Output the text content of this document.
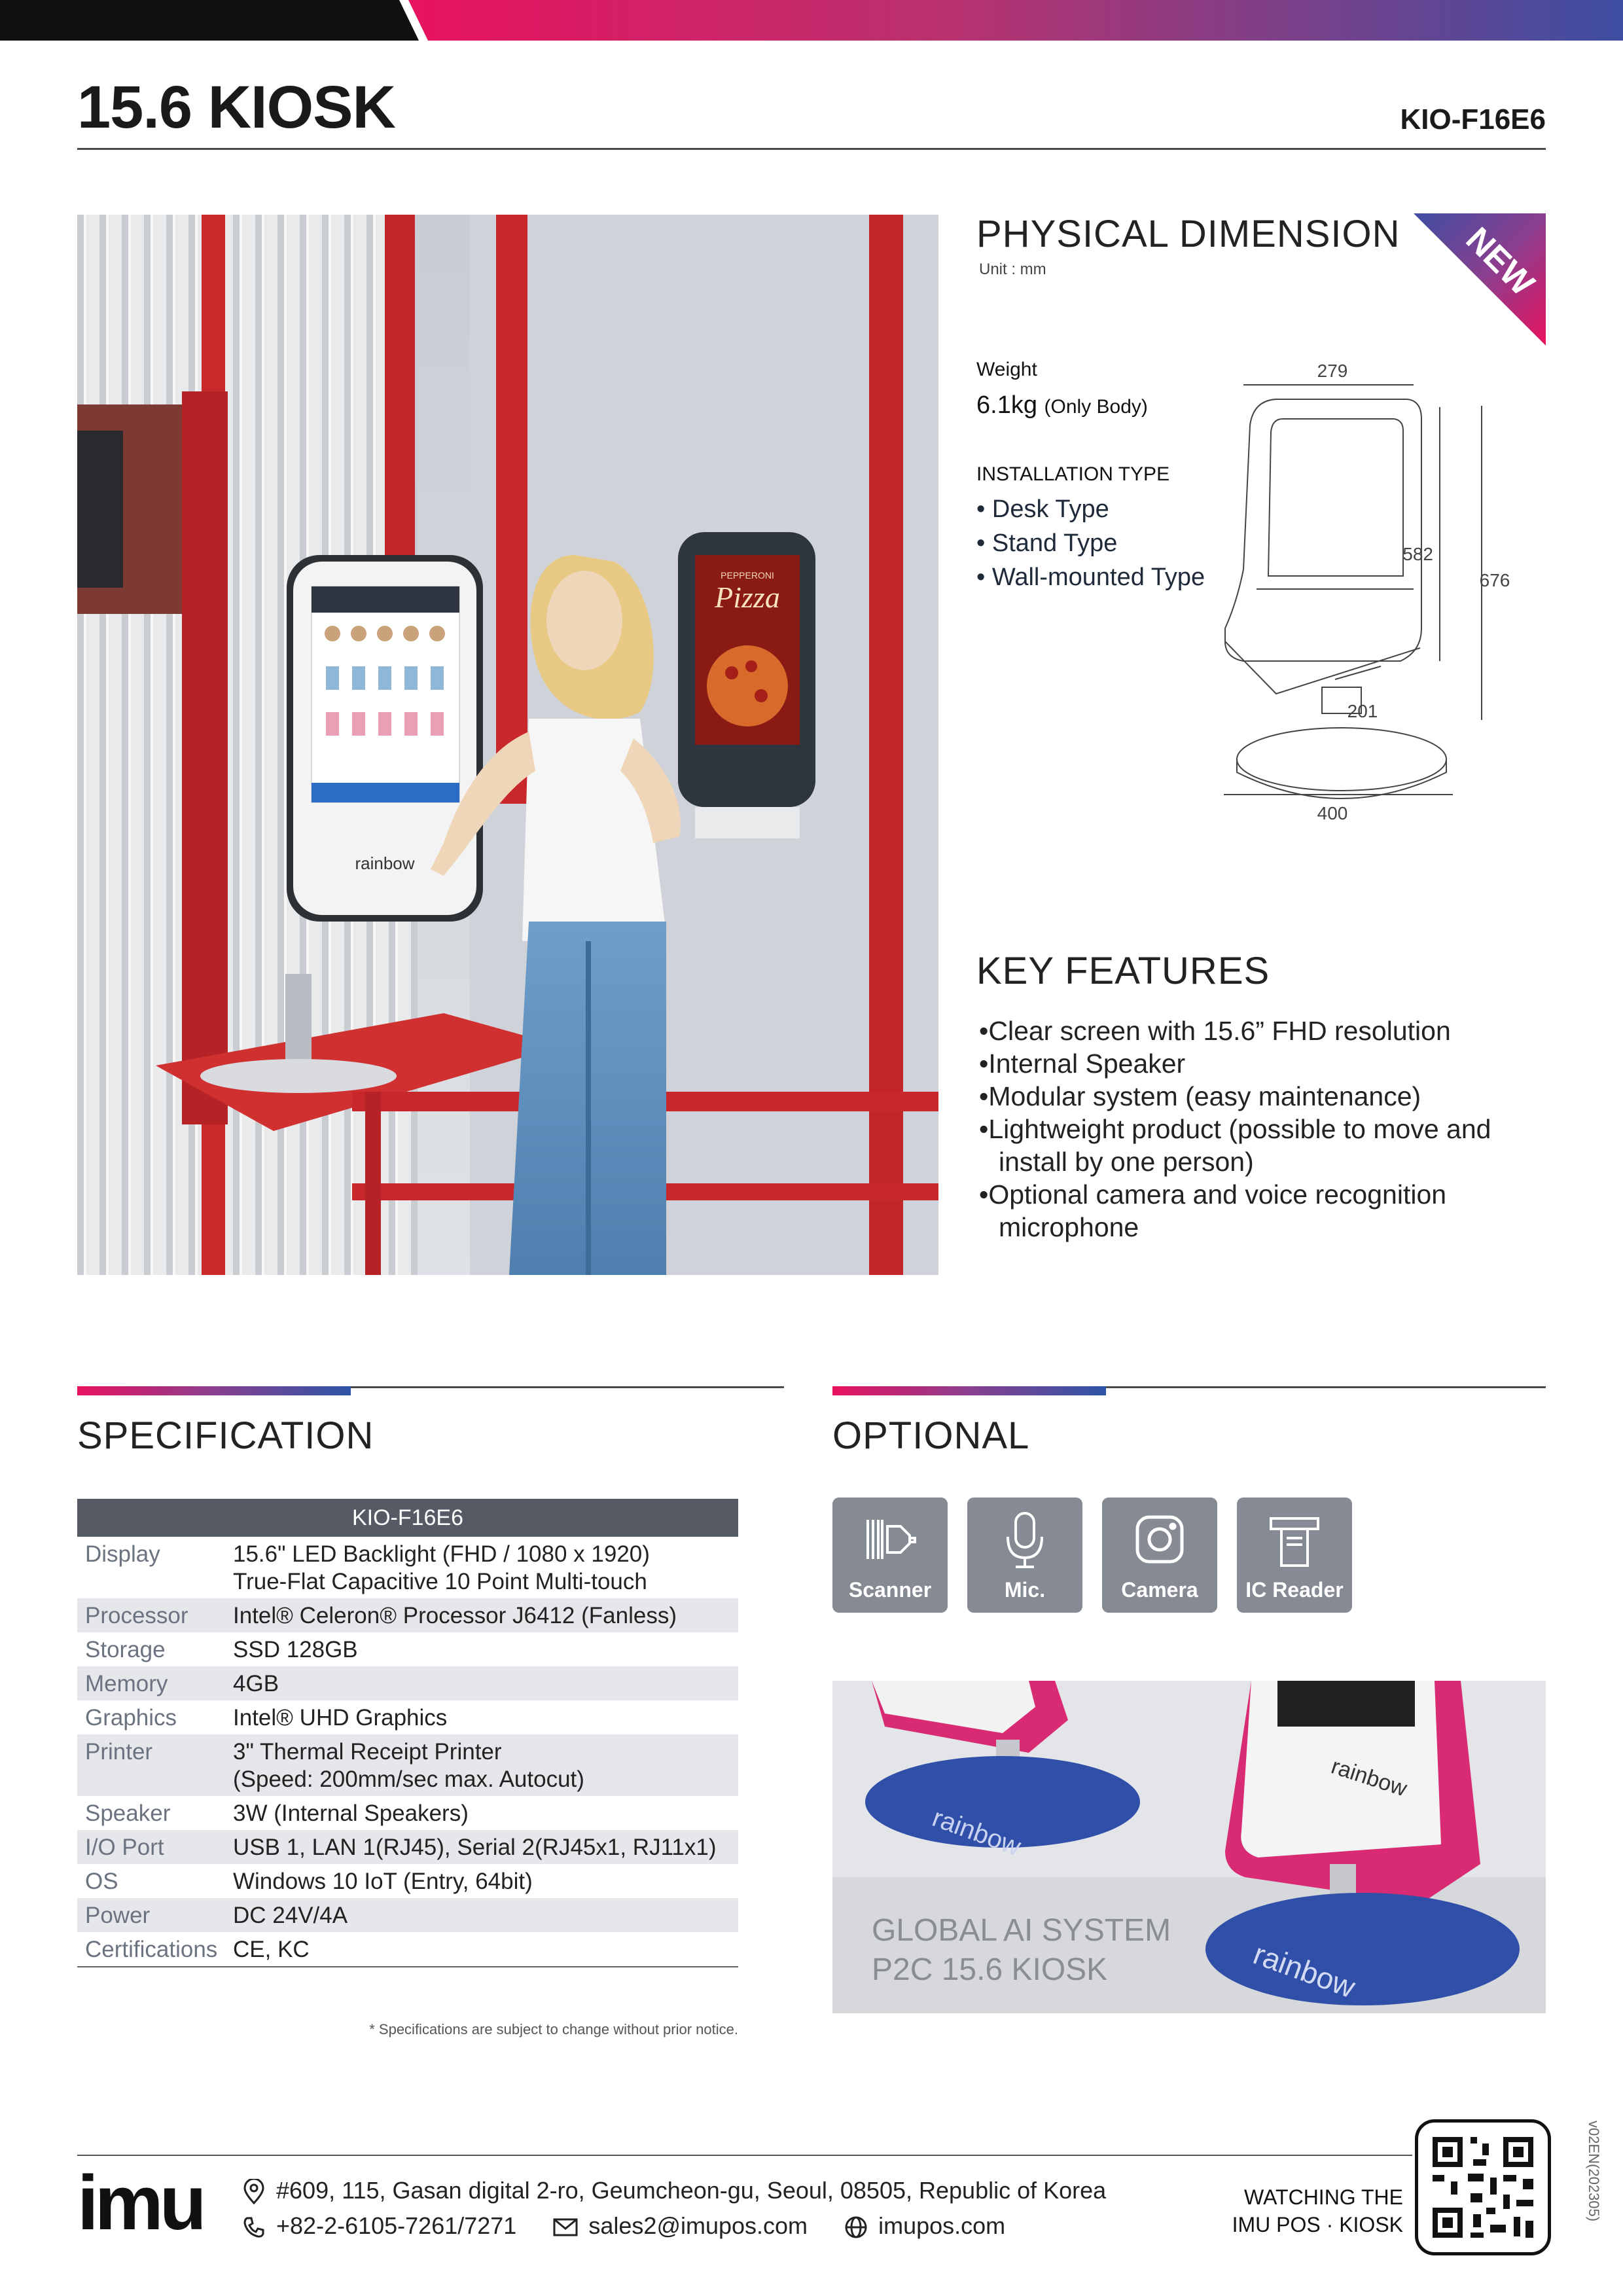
15.6 KIOSK	KIO-F16E6
rainbow
PEPPERONI
Pizza
PHYSICAL DIMENSION
Unit : mm	NEW
Weight
6.1kg (Only Body)
INSTALLATION TYPE
• Desk Type
• Stand Type
• Wall-mounted Type
279
582
676
201
400
KEY FEATURES
• Clear screen with 15.6” FHD resolution
• Internal Speaker
• Modular system (easy maintenance)
• Lightweight product (possible to move and install by one person)
• Optional camera and voice recognition microphone
SPECIFICATION	OPTIONAL
KIO-F16E6	
Display	15.6" LED Backlight (FHD / 1080 x 1920)
True-Flat Capacitive 10 Point Multi-touch

Processor	Intel® Celeron® Processor J6412 (Fanless)
Storage	SSD 128GB
Memory	4GB
Graphics	Intel® UHD Graphics
Printer	3" Thermal Receipt Printer
(Speed: 200mm/sec max. Autocut)

Speaker	3W (Internal Speakers)
I/O Port	USB 1, LAN 1(RJ45), Serial 2(RJ45x1, RJ11x1)
OS	Windows 10 IoT (Entry, 64bit)
Power	DC 24V/4A
Certifications	CE, KC
* Specifications are subject to change without prior notice.
Scanner	Mic.	Camera	IC Reader
rainbow
rainbow
rainbow
GLOBAL AI SYSTEM
P2C 15.6 KIOSK
imu	#609, 115, Gasan digital 2-ro, Geumcheon-gu, Seoul, 08505, Republic of Korea
+82-2-6105-7261/7271	sales2@imupos.com	imupos.com
WATCHING THE
IMU POS · KIOSK
v02EN(202305)
